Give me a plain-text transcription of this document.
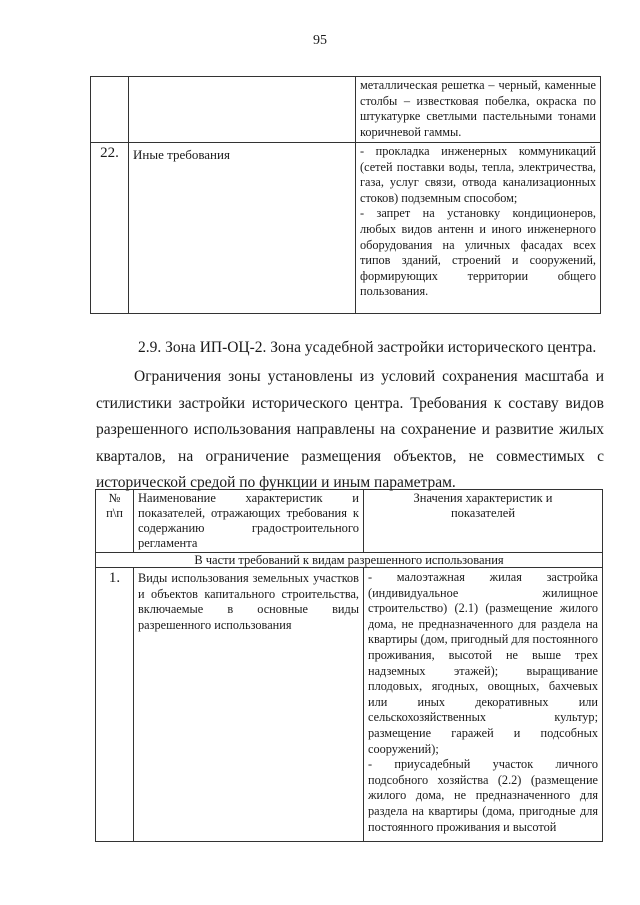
95
		металлическая решетка – черный, каменные столбы – известковая побелка, окраска по штукатурке светлыми пастельными тонами коричневой гаммы.
22.	Иные требования	- прокладка инженерных коммуникаций (сетей поставки воды, тепла, электричества, газа, услуг связи, отвода канализационных стоков) подземным способом;
- запрет на установку кондиционеров, любых видов антенн и иного инженерного оборудования на уличных фасадах всех типов зданий, строений и сооружений, формирующих территории общего пользования.
2.9. Зона ИП-ОЦ-2. Зона усадебной застройки исторического центра.

Ограничения зоны установлены из условий сохранения масштаба и стилистики застройки исторического центра. Требования к составу видов разрешенного использования направлены на сохранение и развитие жилых кварталов, на ограничение размещения объектов, не совместимых с исторической средой по функции и иным параметрам.

№ п\п	Наименование характеристик и показателей, отражающих требования к содержанию градостроительного регламента	Значения характеристик и показателей
В части требований к видам разрешенного использования		
1.	Виды использования земельных участков и объектов капитального строительства, включаемые в основные виды разрешенного использования	- малоэтажная жилая застройка (индивидуальное жилищное строительство) (2.1) (размещение жилого дома, не предназначенного для раздела на квартиры (дом, пригодный для постоянного проживания, высотой не выше трех надземных этажей); выращивание плодовых, ягодных, овощных, бахчевых или иных декоративных или сельскохозяйственных культур; размещение гаражей и подсобных сооружений);
- приусадебный участок личного подсобного хозяйства (2.2) (размещение жилого дома, не предназначенного для раздела на квартиры (дома, пригодные для постоянного проживания и высотой
